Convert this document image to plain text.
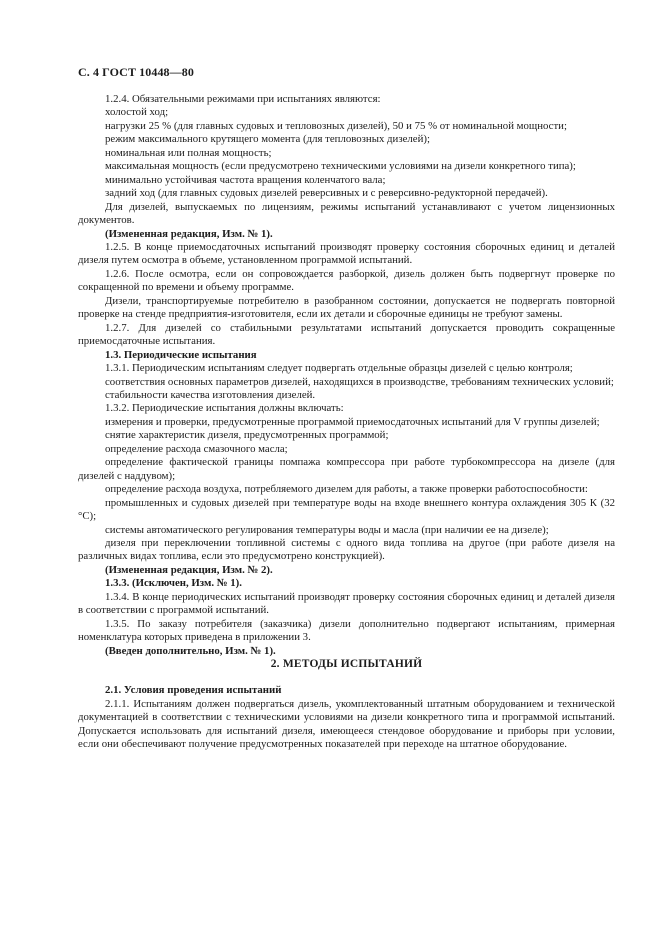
С. 4 ГОСТ 10448—80

1.2.4. Обязательными режимами при испытаниях являются:

холостой ход;

нагрузки 25 % (для главных судовых и тепловозных дизелей), 50 и 75 % от номинальной мощности;

режим максимального крутящего момента (для тепловозных дизелей);

номинальная или полная мощность;

максимальная мощность (если предусмотрено техническими условиями на дизели конкретного типа);

минимально устойчивая частота вращения коленчатого вала;

задний ход (для главных судовых дизелей реверсивных и с реверсивно-редукторной передачей).

Для дизелей, выпускаемых по лицензиям, режимы испытаний устанавливают с учетом лицензионных документов.

(Измененная редакция, Изм. № 1).

1.2.5. В конце приемосдаточных испытаний производят проверку состояния сборочных единиц и деталей дизеля путем осмотра в объеме, установленном программой испытаний.

1.2.6. После осмотра, если он сопровождается разборкой, дизель должен быть подвергнут проверке по сокращенной по времени и объему программе.

Дизели, транспортируемые потребителю в разобранном состоянии, допускается не подвергать повторной проверке на стенде предприятия-изготовителя, если их детали и сборочные единицы не требуют замены.

1.2.7. Для дизелей со стабильными результатами испытаний допускается проводить сокращенные приемосдаточные испытания.

1.3. Периодические испытания

1.3.1. Периодическим испытаниям следует подвергать отдельные образцы дизелей с целью контроля;

соответствия основных параметров дизелей, находящихся в производстве, требованиям технических условий;

стабильности качества изготовления дизелей.

1.3.2. Периодические испытания должны включать:

измерения и проверки, предусмотренные программой приемосдаточных испытаний для V группы дизелей;

снятие характеристик дизеля, предусмотренных программой;

определение расхода смазочного масла;

определение фактической границы помпажа компрессора при работе турбокомпрессора на дизеле (для дизелей с наддувом);

определение расхода воздуха, потребляемого дизелем для работы, а также проверки работоспособности:

промышленных и судовых дизелей при температуре воды на входе внешнего контура охлаждения 305 К (32 °С);

системы автоматического регулирования температуры воды и масла (при наличии ее на дизеле);

дизеля при переключении топливной системы с одного вида топлива на другое (при работе дизеля на различных видах топлива, если это предусмотрено конструкцией).

(Измененная редакция, Изм. № 2).

1.3.3. (Исключен, Изм. № 1).

1.3.4. В конце периодических испытаний производят проверку состояния сборочных единиц и деталей дизеля в соответствии с программой испытаний.

1.3.5. По заказу потребителя (заказчика) дизели дополнительно подвергают испытаниям, примерная номенклатура которых приведена в приложении 3.

(Введен дополнительно, Изм. № 1).

2. МЕТОДЫ ИСПЫТАНИЙ

2.1. Условия проведения испытаний

2.1.1. Испытаниям должен подвергаться дизель, укомплектованный штатным оборудованием и технической документацией в соответствии с техническими условиями на дизели конкретного типа и программой испытаний. Допускается использовать для испытаний дизеля, имеющееся стендовое оборудование и приборы при условии, если они обеспечивают получение предусмотренных показателей при переходе на штатное оборудование.
